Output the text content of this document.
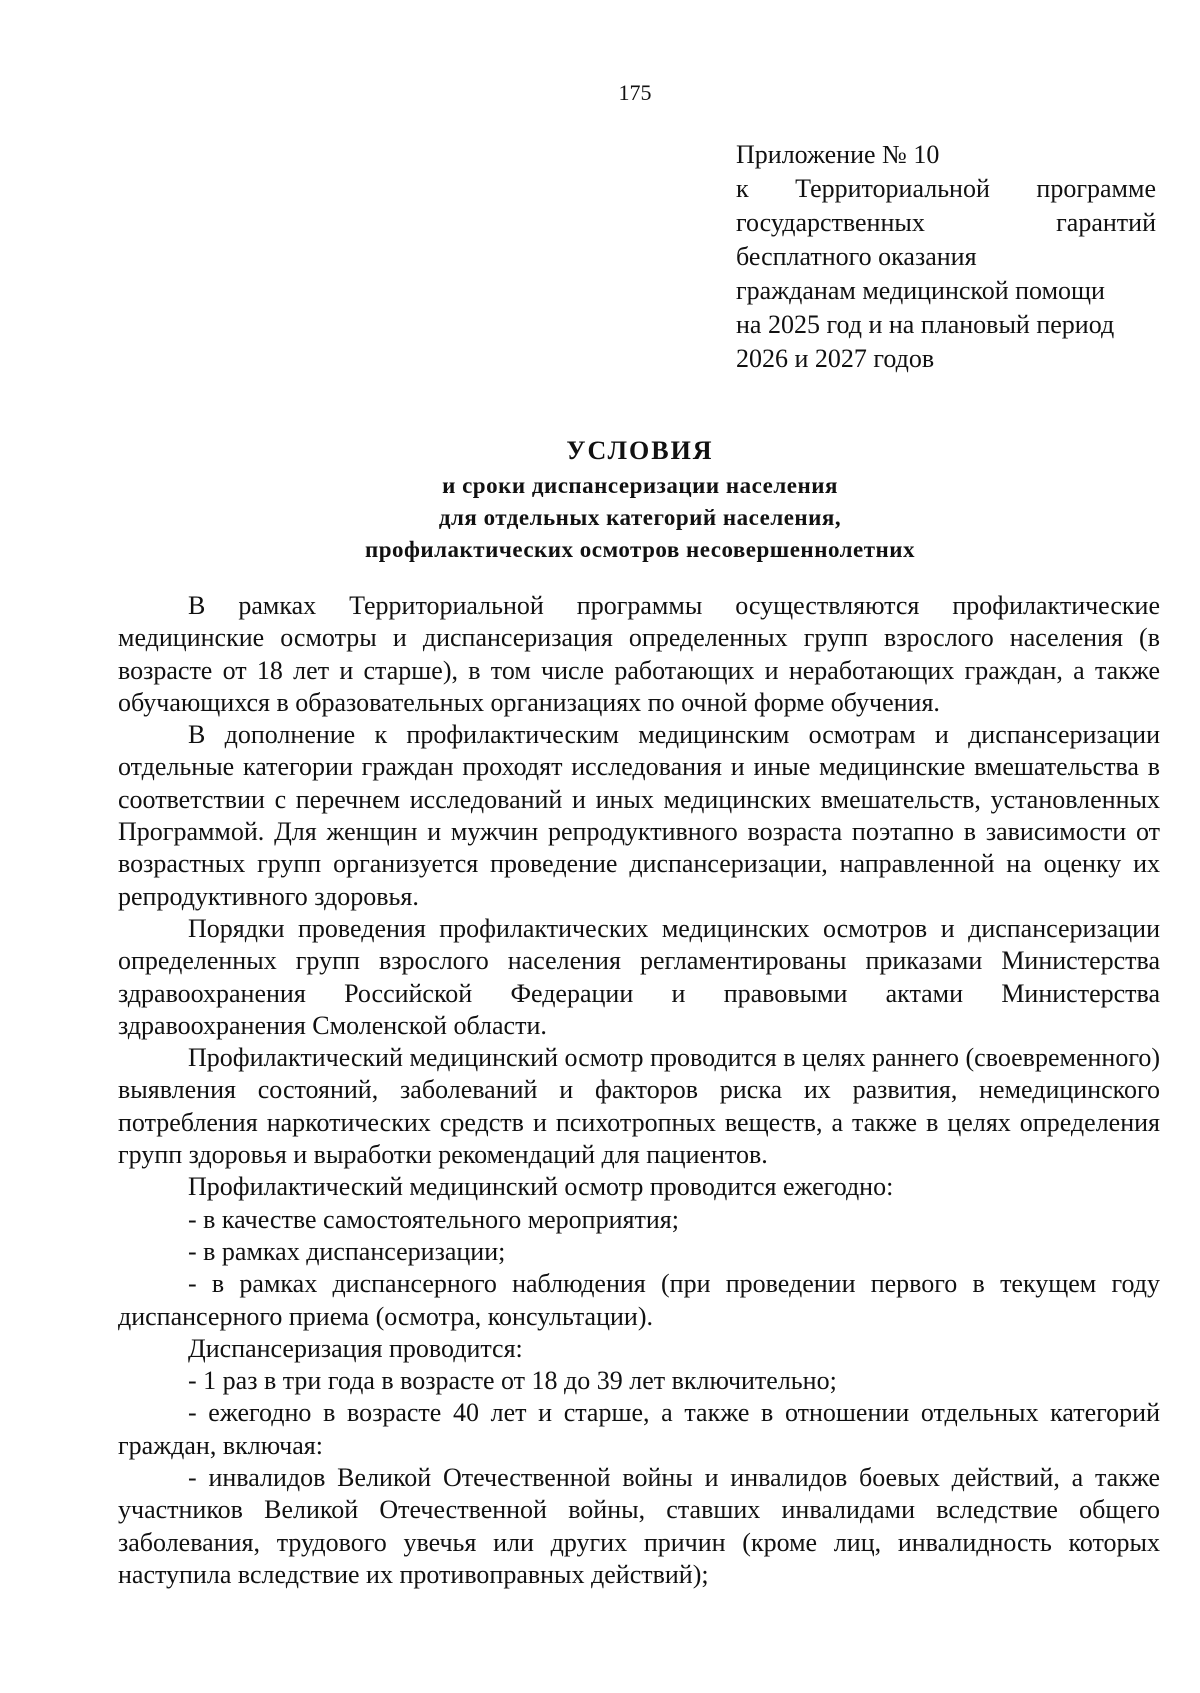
175
Приложение № 10
к Территориальной программе
государственных	гарантий
бесплатного оказания
гражданам медицинской помощи
на 2025 год и на плановый период
2026 и 2027 годов
УСЛОВИЯ
и сроки диспансеризации населения
для отдельных категорий населения,
профилактических осмотров несовершеннолетних

В рамках Территориальной программы осуществляются профилактические медицинские осмотры и диспансеризация определенных групп взрослого населения (в возрасте от 18 лет и старше), в том числе работающих и неработающих граждан, а также обучающихся в образовательных организациях по очной форме обучения.

В дополнение к профилактическим медицинским осмотрам и диспансеризации отдельные категории граждан проходят исследования и иные медицинские вмешательства в соответствии с перечнем исследований и иных медицинских вмешательств, установленных Программой. Для женщин и мужчин репродуктивного возраста поэтапно в зависимости от возрастных групп организуется проведение диспансеризации, направленной на оценку их репродуктивного здоровья.

Порядки проведения профилактических медицинских осмотров и диспансеризации определенных групп взрослого населения регламентированы приказами Министерства здравоохранения Российской Федерации и правовыми актами Министерства здравоохранения Смоленской области.

Профилактический медицинский осмотр проводится в целях раннего (своевременного) выявления состояний, заболеваний и факторов риска их развития, немедицинского потребления наркотических средств и психотропных веществ, а также в целях определения групп здоровья и выработки рекомендаций для пациентов.

Профилактический медицинский осмотр проводится ежегодно:

- в качестве самостоятельного мероприятия;

- в рамках диспансеризации;

- в рамках диспансерного наблюдения (при проведении первого в текущем году диспансерного приема (осмотра, консультации).

Диспансеризация проводится:

- 1 раз в три года в возрасте от 18 до 39 лет включительно;

- ежегодно в возрасте 40 лет и старше, а также в отношении отдельных категорий граждан, включая:

- инвалидов Великой Отечественной войны и инвалидов боевых действий, а также участников Великой Отечественной войны, ставших инвалидами вследствие общего заболевания, трудового увечья или других причин (кроме лиц, инвалидность которых наступила вследствие их противоправных действий);
